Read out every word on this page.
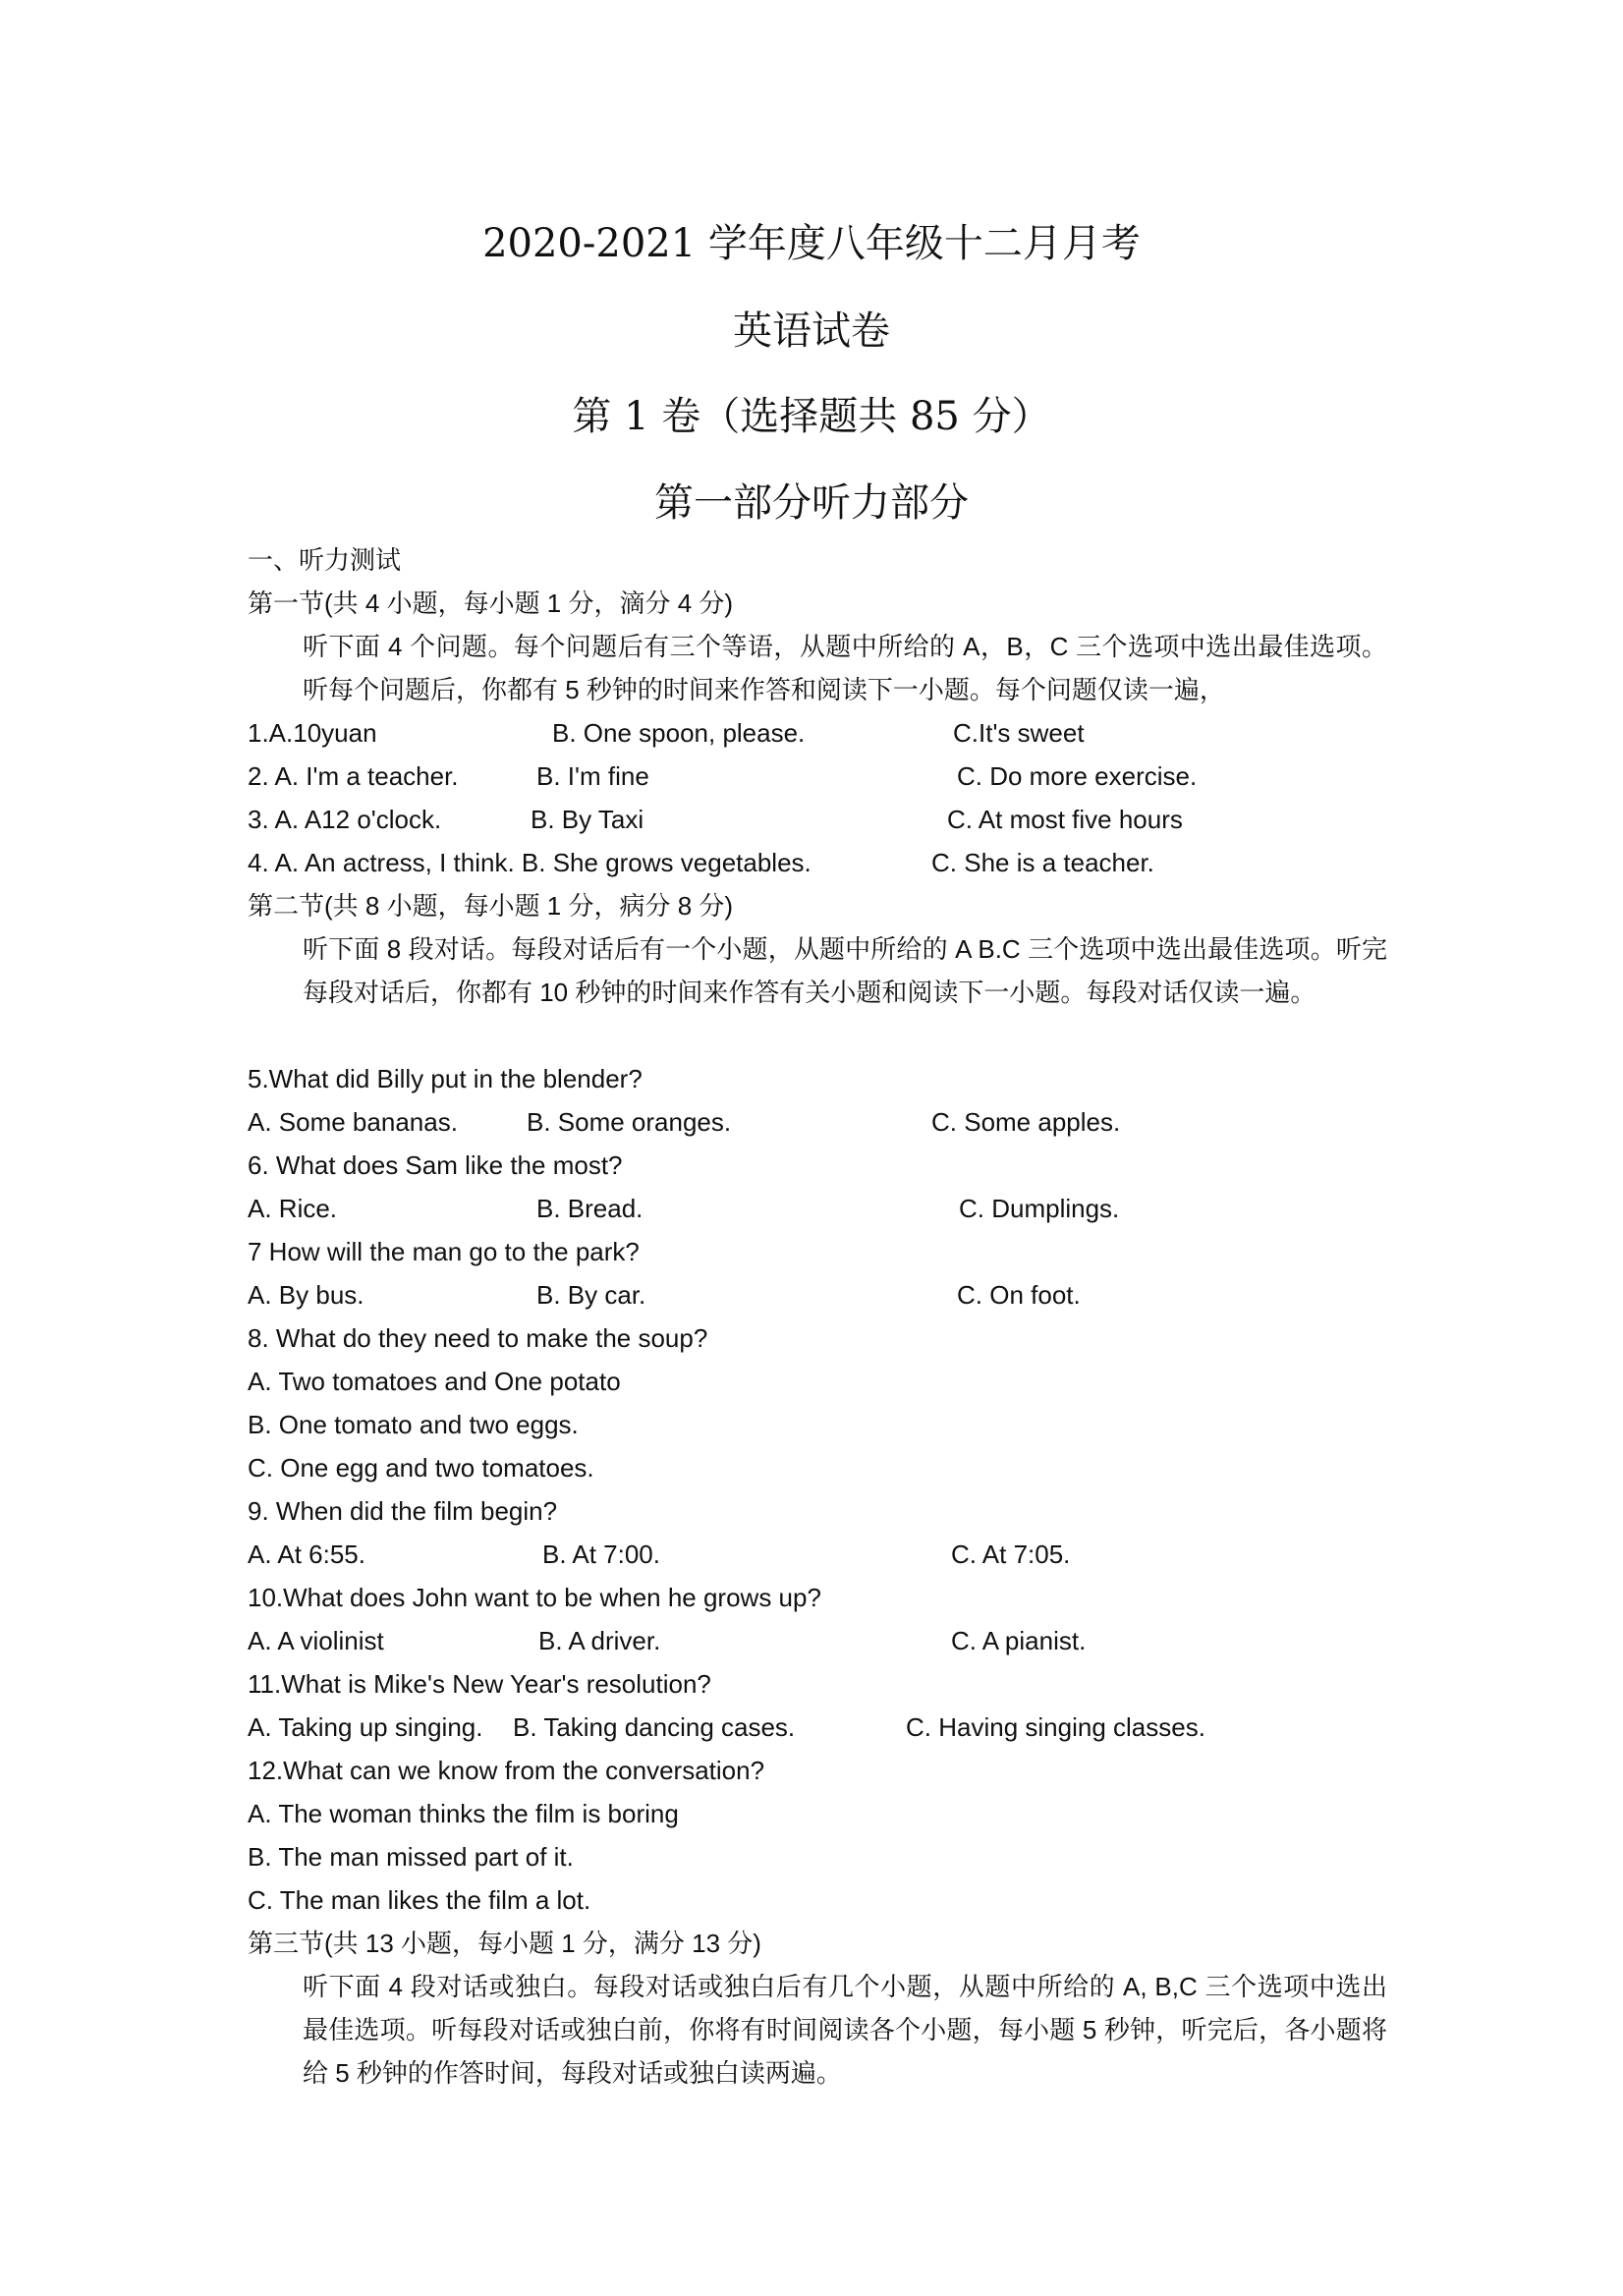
2020-2021 学年度八年级十二月月考
英语试卷
第 1 卷（选择题共 85 分）
第一部分听力部分
一、听力测试
第一节(共 4 小题，每小题 1 分，滴分 4 分)
听下面 4 个问题。每个问题后有三个等语，从题中所给的 A，B，C 三个选项中选出最佳选项。听每个问题后，你都有 5 秒钟的时间来作答和阅读下一小题。每个问题仅读一遍，
1.A.10yuan	B. One spoon, please.	C.It's sweet
2. A. I'm a teacher.	B. I'm fine	C. Do more exercise.
3. A. A12 o'clock.	B. By Taxi	C. At most five hours
4. A. An actress, I think. B. She grows vegetables.	C. She is a teacher.
第二节(共 8 小题，每小题 1 分，病分 8 分)
听下面 8 段对话。每段对话后有一个小题，从题中所给的 A B.C 三个选项中选出最佳选项。听完每段对话后，你都有 10 秒钟的时间来作答有关小题和阅读下一小题。每段对话仅读一遍。
5.What did Billy put in the blender?
A. Some bananas.	B. Some oranges.	C. Some apples.
6. What does Sam like the most?
A. Rice.	B. Bread.	C. Dumplings.
7 How will the man go to the park?
A. By bus.	B. By car.	C. On foot.
8. What do they need to make the soup?
A. Two tomatoes and One potato
B. One tomato and two eggs.
C. One egg and two tomatoes.
9. When did the film begin?
A. At 6:55.	B. At 7:00.	C. At 7:05.
10.What does John want to be when he grows up?
A. A violinist	B. A driver.	C. A pianist.
11.What is Mike's New Year's resolution?
A. Taking up singing. B. Taking dancing cases.	C. Having singing classes.
12.What can we know from the conversation?
A. The woman thinks the film is boring
B. The man missed part of it.
C. The man likes the film a lot.
第三节(共 13 小题，每小题 1 分，满分 13 分)
听下面 4 段对话或独白。每段对话或独白后有几个小题，从题中所给的 A, B,C 三个选项中选出最佳选项。听每段对话或独白前，你将有时间阅读各个小题，每小题 5 秒钟，听完后，各小题将给 5 秒钟的作答时间，每段对话或独白读两遍。
